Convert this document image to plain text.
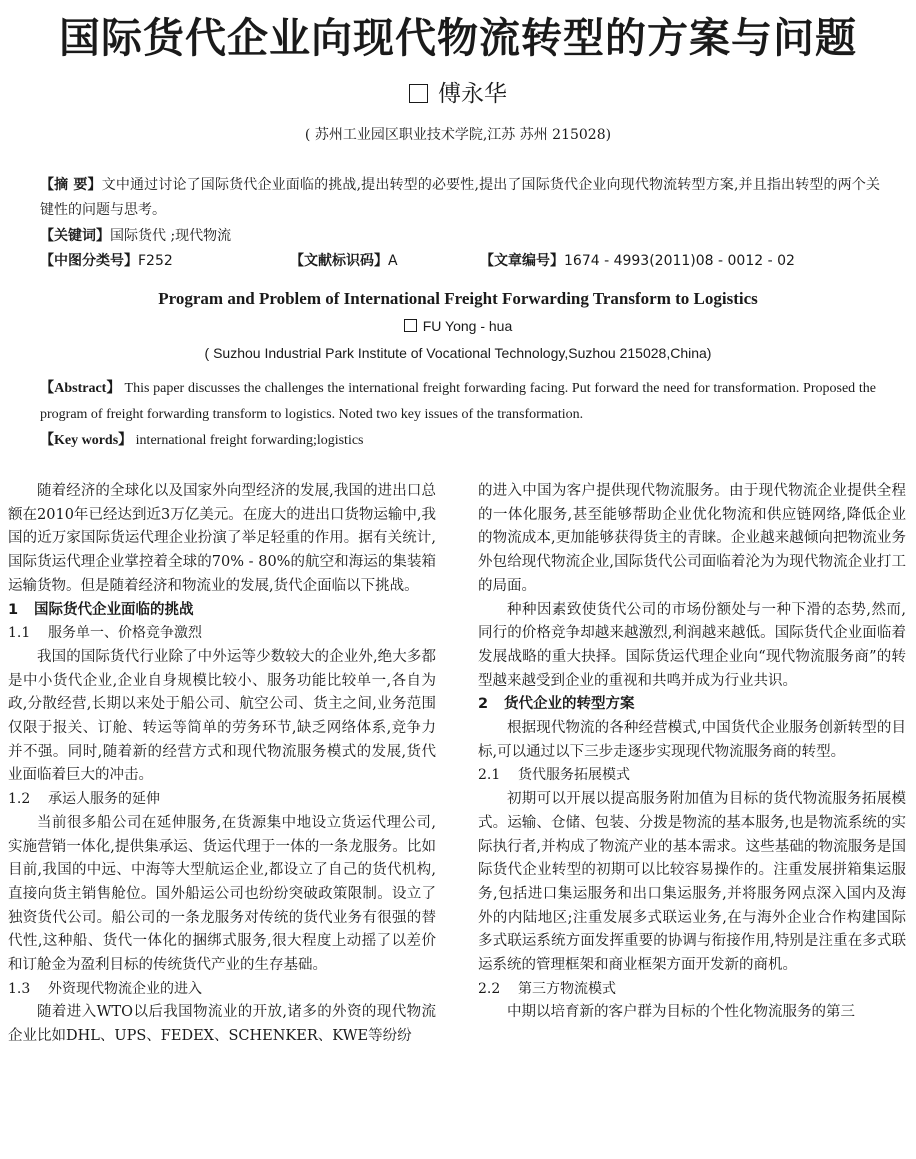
国际货代企业向现代物流转型的方案与问题
傅永华
( 苏州工业园区职业技术学院,江苏 苏州 215028)
【摘 要】文中通过讨论了国际货代企业面临的挑战,提出转型的必要性,提出了国际货代企业向现代物流转型方案,并且指出转型的两个关键性的问题与思考。
【关键词】国际货代 ;现代物流
【中图分类号】 F252	【文献标识码】 A	【文章编号】 1674 - 4993(2011)08 - 0012 - 02
Program and Problem of International Freight Forwarding Transform to Logistics
FU Yong - hua
( Suzhou Industrial Park Institute of Vocational Technology,Suzhou 215028,China)
【Abstract】 This paper discusses the challenges the international freight forwarding facing. Put forward the need for transformation. Proposed the program of freight forwarding transform to logistics. Noted two key issues of the transformation.
【Key words】 international freight forwarding;logistics

随着经济的全球化以及国家外向型经济的发展,我国的进出口总额在2010年已经达到近3万亿美元。在庞大的进出口货物运输中,我国的近万家国际货运代理企业扮演了举足轻重的作用。据有关统计,国际货运代理企业掌控着全球的70% - 80%的航空和海运的集装箱运输货物。但是随着经济和物流业的发展,货代企面临以下挑战。

1 国际货代企业面临的挑战
1.1 服务单一、价格竞争激烈

我国的国际货代行业除了中外运等少数较大的企业外,绝大多都是中小货代企业,企业自身规模比较小、服务功能比较单一,各自为政,分散经营,长期以来处于船公司、航空公司、货主之间,业务范围仅限于报关、订舱、转运等简单的劳务环节,缺乏网络体系,竞争力并不强。同时,随着新的经营方式和现代物流服务模式的发展,货代业面临着巨大的冲击。

1.2 承运人服务的延伸

当前很多船公司在延伸服务,在货源集中地设立货运代理公司,实施营销一体化,提供集承运、货运代理于一体的一条龙服务。比如目前,我国的中远、中海等大型航运企业,都设立了自己的货代机构,直接向货主销售舱位。国外船运公司也纷纷突破政策限制。设立了独资货代公司。船公司的一条龙服务对传统的货代业务有很强的替代性,这种船、货代一体化的捆绑式服务,很大程度上动摇了以差价和订舱金为盈利目标的传统货代产业的生存基础。

1.3 外资现代物流企业的进入

随着进入WTO以后我国物流业的开放,诸多的外资的现代物流企业比如DHL、UPS、FEDEX、SCHENKER、KWE等纷纷

的进入中国为客户提供现代物流服务。由于现代物流企业提供全程的一体化服务,甚至能够帮助企业优化物流和供应链网络,降低企业的物流成本,更加能够获得货主的青睐。企业越来越倾向把物流业务外包给现代物流企业,国际货代公司面临着沦为为现代物流企业打工的局面。

种种因素致使货代公司的市场份额处与一种下滑的态势,然而,同行的价格竞争却越来越激烈,利润越来越低。国际货代企业面临着发展战略的重大抉择。国际货运代理企业向“现代物流服务商”的转型越来越受到企业的重视和共鸣并成为行业共识。

2 货代企业的转型方案

根据现代物流的各种经营模式,中国货代企业服务创新转型的目标,可以通过以下三步走逐步实现现代物流服务商的转型。

2.1 货代服务拓展模式

初期可以开展以提高服务附加值为目标的货代物流服务拓展模式。运输、仓储、包装、分拨是物流的基本服务,也是物流系统的实际执行者,并构成了物流产业的基本需求。这些基础的物流服务是国际货代企业转型的初期可以比较容易操作的。注重发展拼箱集运服务,包括进口集运服务和出口集运服务,并将服务网点深入国内及海外的内陆地区;注重发展多式联运业务,在与海外企业合作构建国际多式联运系统方面发挥重要的协调与衔接作用,特别是注重在多式联运系统的管理框架和商业框架方面开发新的商机。

2.2 第三方物流模式

中期以培育新的客户群为目标的个性化物流服务的第三
